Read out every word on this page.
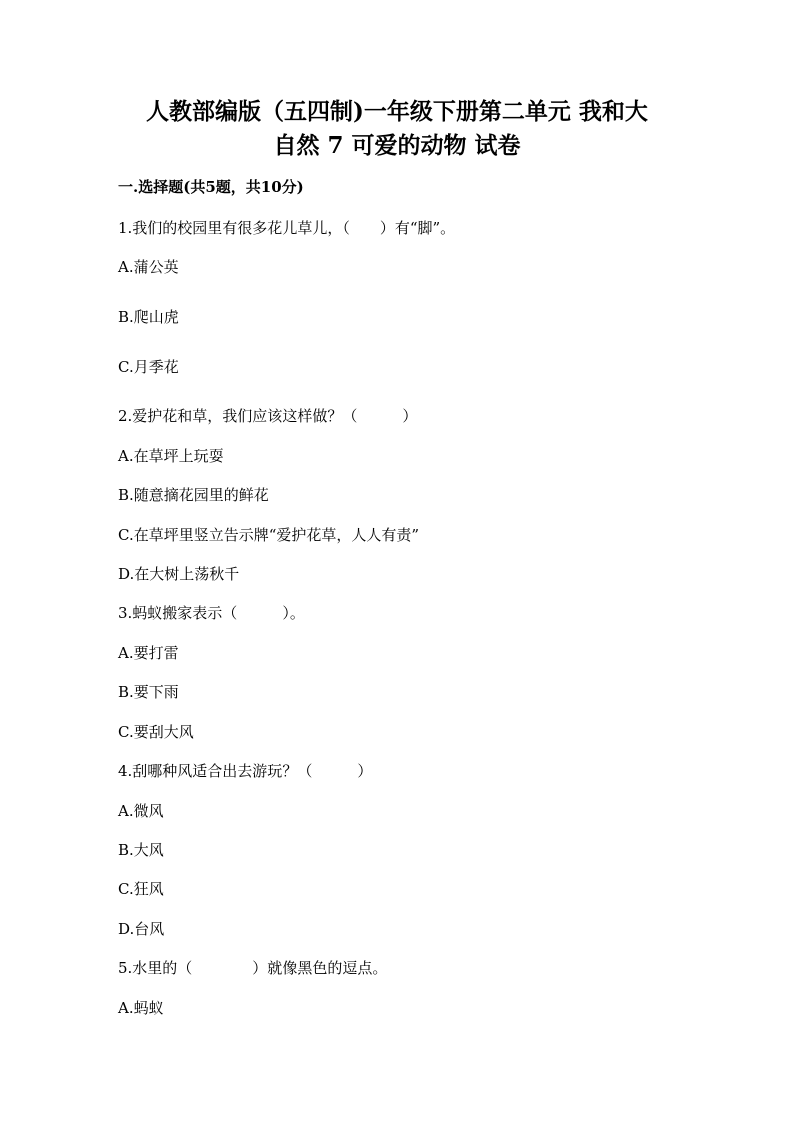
人教部编版（五四制)一年级下册第二单元 我和大
自然 7 可爱的动物 试卷
一.选择题(共5题，共10分)
1.我们的校园里有很多花儿草儿，（　　）有“脚”。
A.蒲公英
B.爬山虎
C.月季花
2.爱护花和草，我们应该这样做？（　　　）
A.在草坪上玩耍
B.随意摘花园里的鲜花
C.在草坪里竖立告示牌“爱护花草，人人有责”
D.在大树上荡秋千
3.蚂蚁搬家表示（　　　）。
A.要打雷
B.要下雨
C.要刮大风
4.刮哪种风适合出去游玩？（　　　）
A.微风
B.大风
C.狂风
D.台风
5.水里的（　　　　）就像黑色的逗点。
A.蚂蚁
